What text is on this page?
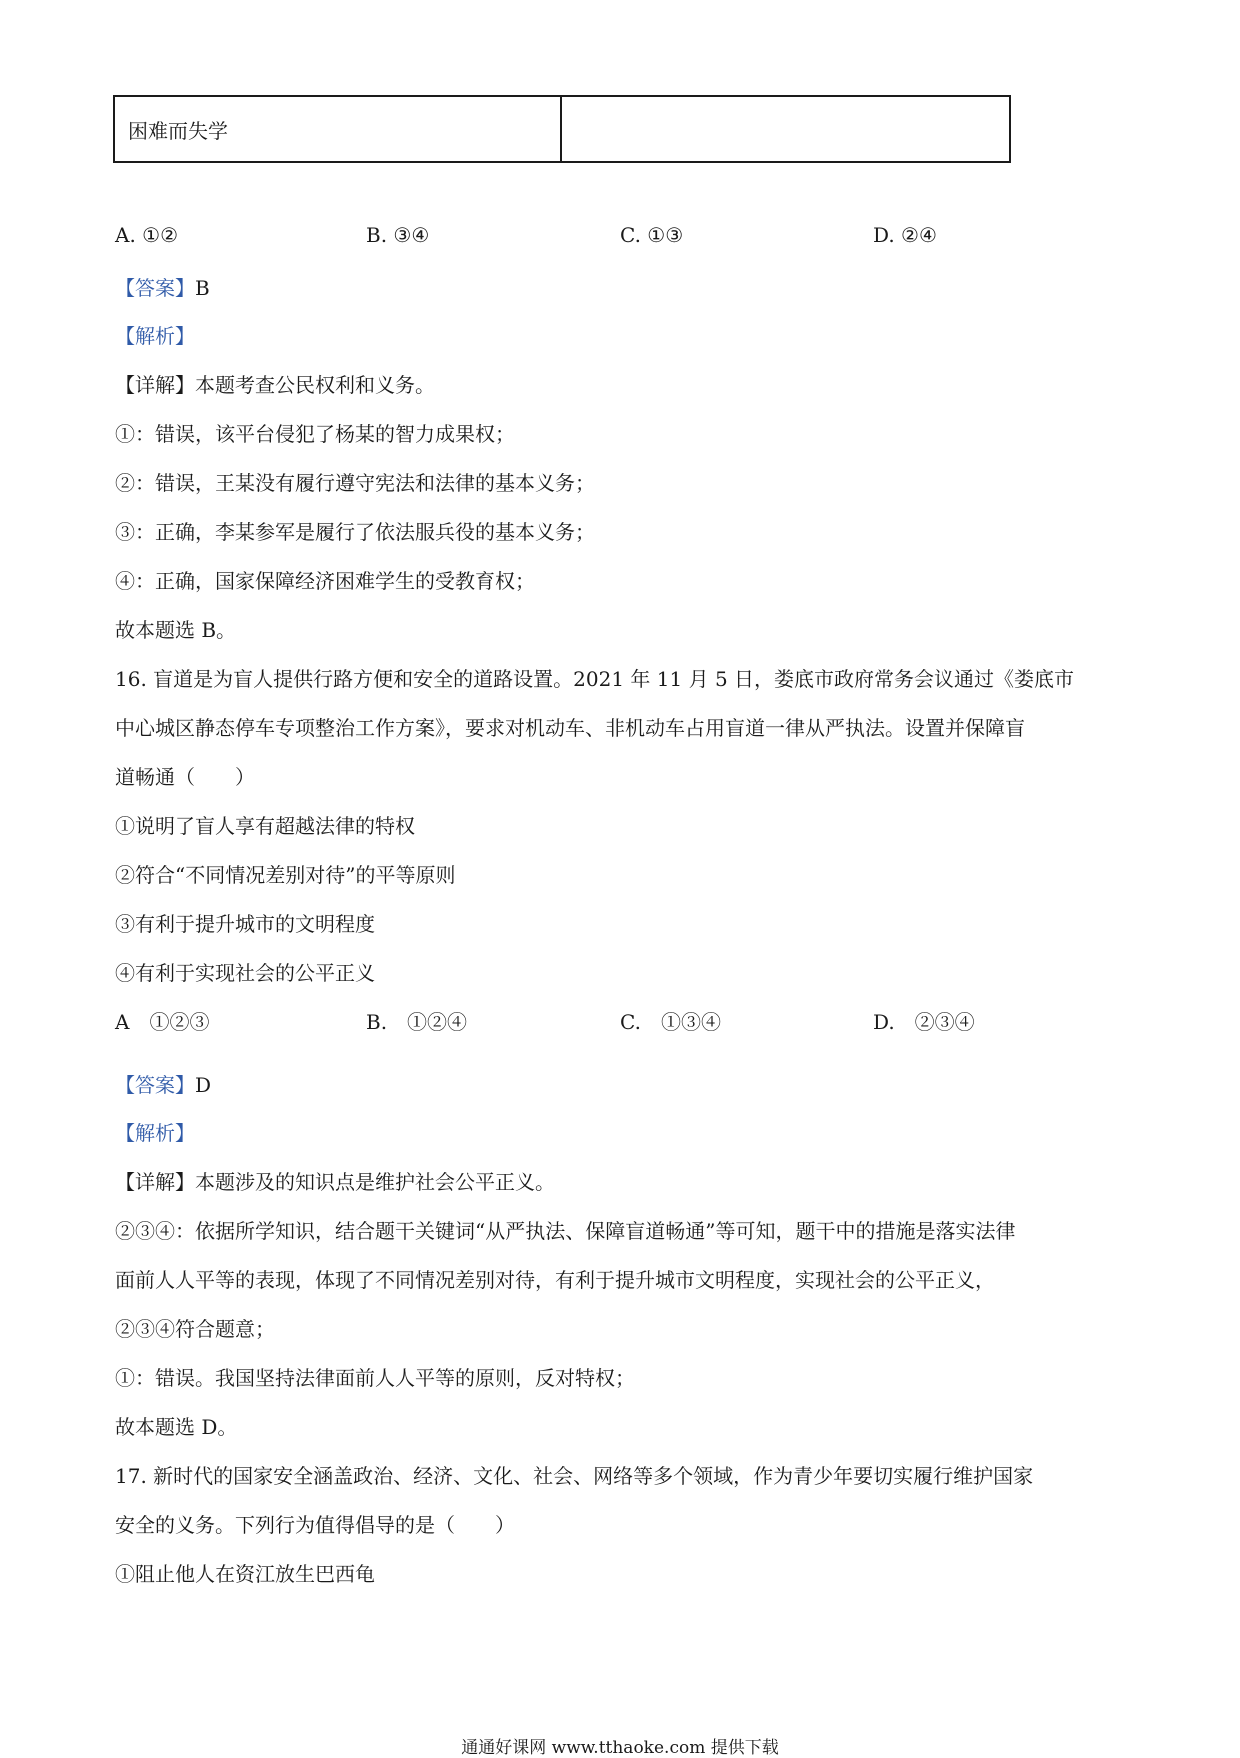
困难而失学	
A. ①②	B. ③④	C. ①③	D. ②④
【答案】B
【解析】
【详解】本题考查公民权利和义务。
①：错误，该平台侵犯了杨某的智力成果权；
②：错误，王某没有履行遵守宪法和法律的基本义务；
③：正确，李某参军是履行了依法服兵役的基本义务；
④：正确，国家保障经济困难学生的受教育权；
故本题选 B。
16. 盲道是为盲人提供行路方便和安全的道路设置。2021 年 11 月 5 日，娄底市政府常务会议通过《娄底市
中心城区静态停车专项整治工作方案》，要求对机动车、非机动车占用盲道一律从严执法。设置并保障盲
道畅通（　　）
①说明了盲人享有超越法律的特权
②符合“不同情况差别对待”的平等原则
③有利于提升城市的文明程度
④有利于实现社会的公平正义
A　①②③	B.　①②④	C.　①③④	D.　②③④
【答案】D
【解析】
【详解】本题涉及的知识点是维护社会公平正义。
②③④：依据所学知识，结合题干关键词“从严执法、保障盲道畅通”等可知，题干中的措施是落实法律
面前人人平等的表现，体现了不同情况差别对待，有利于提升城市文明程度，实现社会的公平正义，
②③④符合题意；
①：错误。我国坚持法律面前人人平等的原则，反对特权；
故本题选 D。
17. 新时代的国家安全涵盖政治、经济、文化、社会、网络等多个领域，作为青少年要切实履行维护国家
安全的义务。下列行为值得倡导的是（　　）
①阻止他人在资江放生巴西龟
通通好课网 www.tthaoke.com 提供下载
